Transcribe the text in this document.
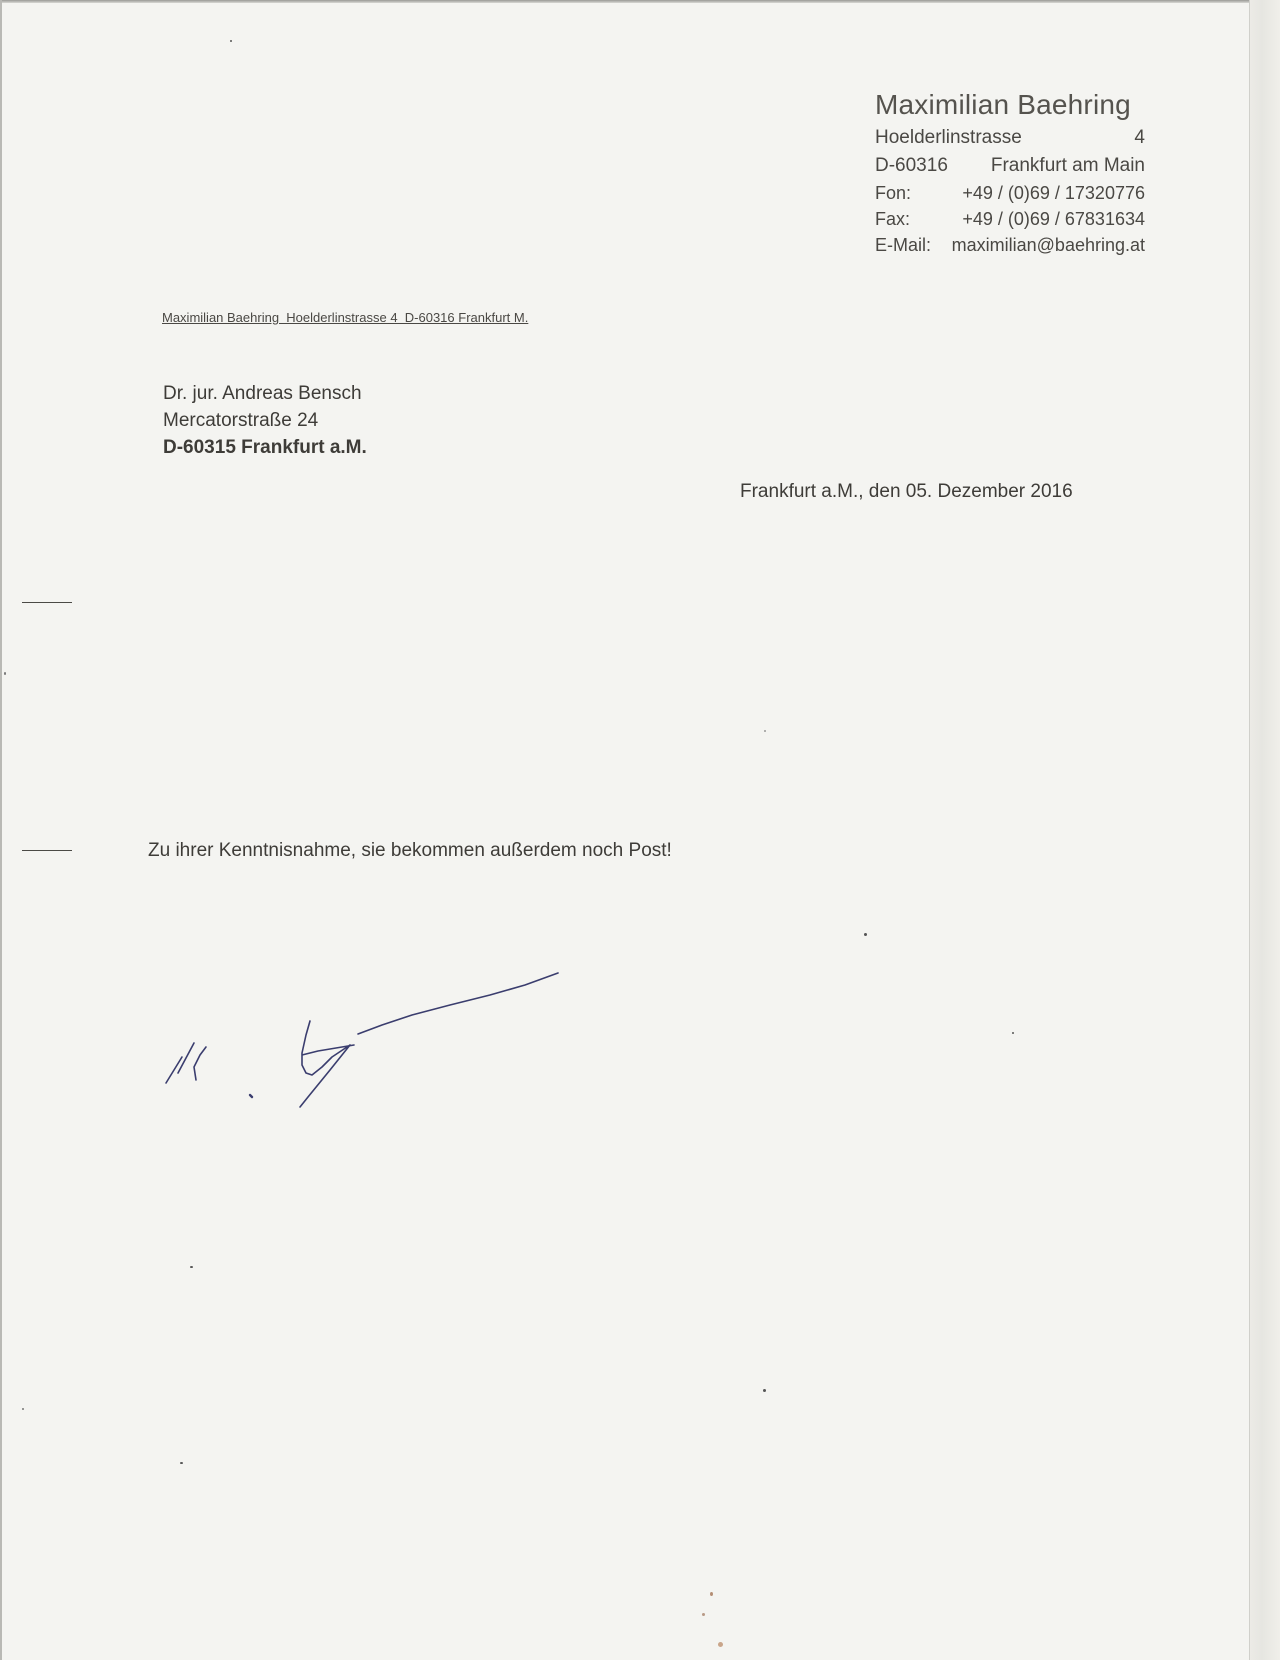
Maximilian Baehring
Hoelderlinstrasse	4
D-60316 Frankfurt am Main
Fon:	+49 / (0)69 / 17320776
Fax:	+49 / (0)69 / 67831634
E-Mail: maximilian@baehring.at
Maximilian Baehring  Hoelderlinstrasse 4  D-60316 Frankfurt M.
Dr. jur. Andreas Bensch
Mercatorstraße 24
D-60315 Frankfurt a.M.
Frankfurt a.M., den 05. Dezember 2016
Zu ihrer Kenntnisnahme, sie bekommen außerdem noch Post!
